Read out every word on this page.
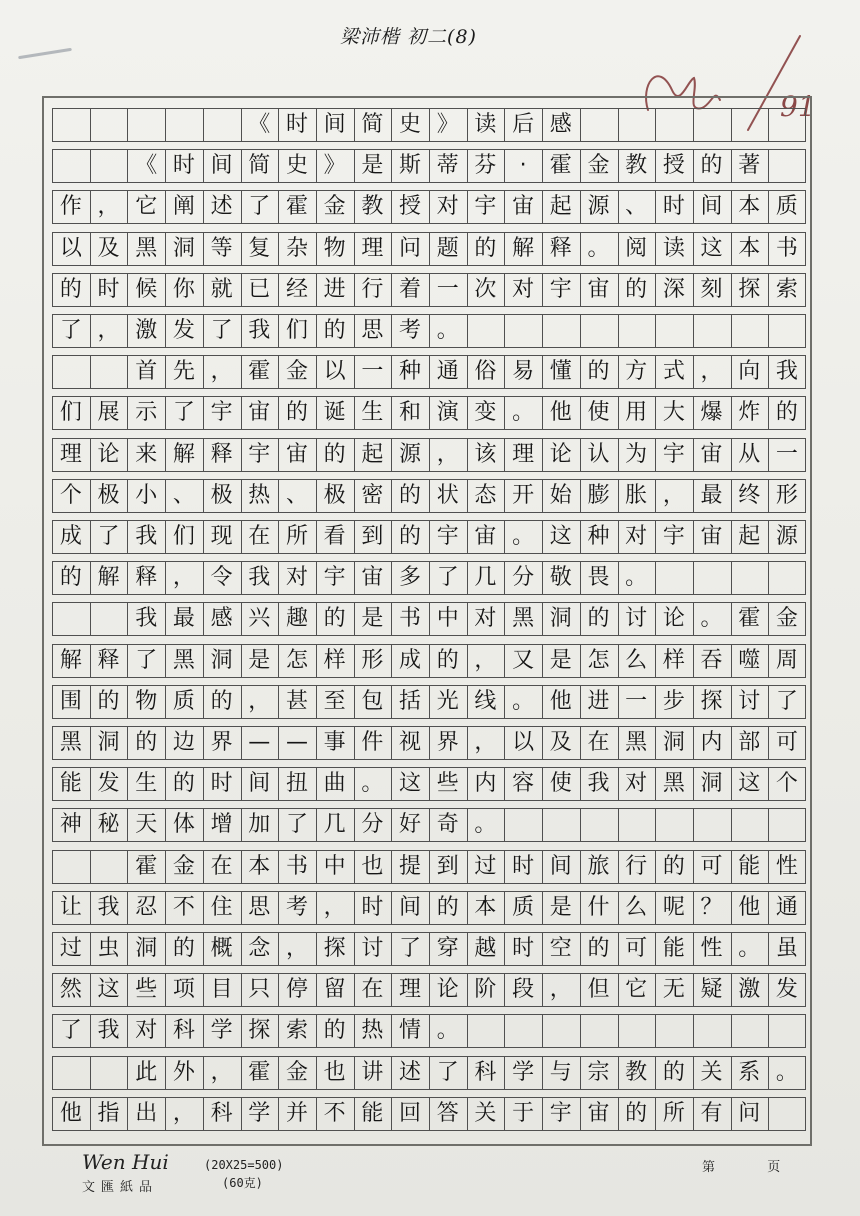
梁沛楷 初二(8)
91

《 时 间 简 史 》 读 后 感

《 时 间 简 史 》 是 斯 蒂 芬	·	霍 金 教 授 的 著
作 ， 它 阐 述 了 霍 金 教 授 对 宇 宙 起 源 、 时 间 本 质
以 及 黑 洞 等 复 杂 物 理 问 题 的 解 释 。 阅 读 这 本 书
的 时 候 你 就 已 经 进 行 着 一 次 对 宇 宙 的 深 刻 探 索
了 ， 激 发 了 我 们 的 思 考 。

首 先 ， 霍 金 以 一 种 通 俗 易 懂 的 方 式 ， 向 我
们 展 示 了 宇 宙 的 诞 生 和 演 变 。 他 使 用 大 爆 炸 的
理 论 来 解 释 宇 宙 的 起 源 ， 该 理 论 认 为 宇 宙 从 一
个 极 小 、 极 热 、 极 密 的 状 态 开 始 膨 胀 ， 最 终 形
成 了 我 们 现 在 所 看 到 的 宇 宙 。 这 种 对 宇 宙 起 源
的 解 释 ， 令 我 对 宇 宙 多 了 几 分 敬 畏 。

我 最 感 兴 趣 的 是 书 中 对 黑 洞 的 讨 论 。 霍 金
解 释 了 黑 洞 是 怎 样 形 成 的 ， 又 是 怎 么 样 吞 噬 周
围 的 物 质 的 ， 甚 至 包 括 光 线 。 他 进 一 步 探 讨 了
黑 洞 的 边 界 — — 事 件 视 界 ， 以 及 在 黑 洞 内 部 可
能 发 生 的 时 间 扭 曲 。 这 些 内 容 使 我 对 黑 洞 这 个
神 秘 天 体 增 加 了 几 分 好 奇 。

霍 金 在 本 书 中 也 提 到 过 时 间 旅 行 的 可 能 性
让 我 忍 不 住 思 考 ， 时 间 的 本 质 是 什 么 呢 ？ 他 通
过 虫 洞 的 概 念 ， 探 讨 了 穿 越 时 空 的 可 能 性 。 虽
然 这 些 项 目 只 停 留 在 理 论 阶 段 ， 但 它 无 疑 激 发
了 我 对 科 学 探 索 的 热 情 。

此 外 ， 霍 金 也 讲 述 了 科 学 与 宗 教 的 关 系 。
他 指 出 ， 科 学 并 不 能 回 答 关 于 宇 宙 的 所 有 问
Wen Hui
文匯紙品
(20X25=500)
(60克)
第	页
